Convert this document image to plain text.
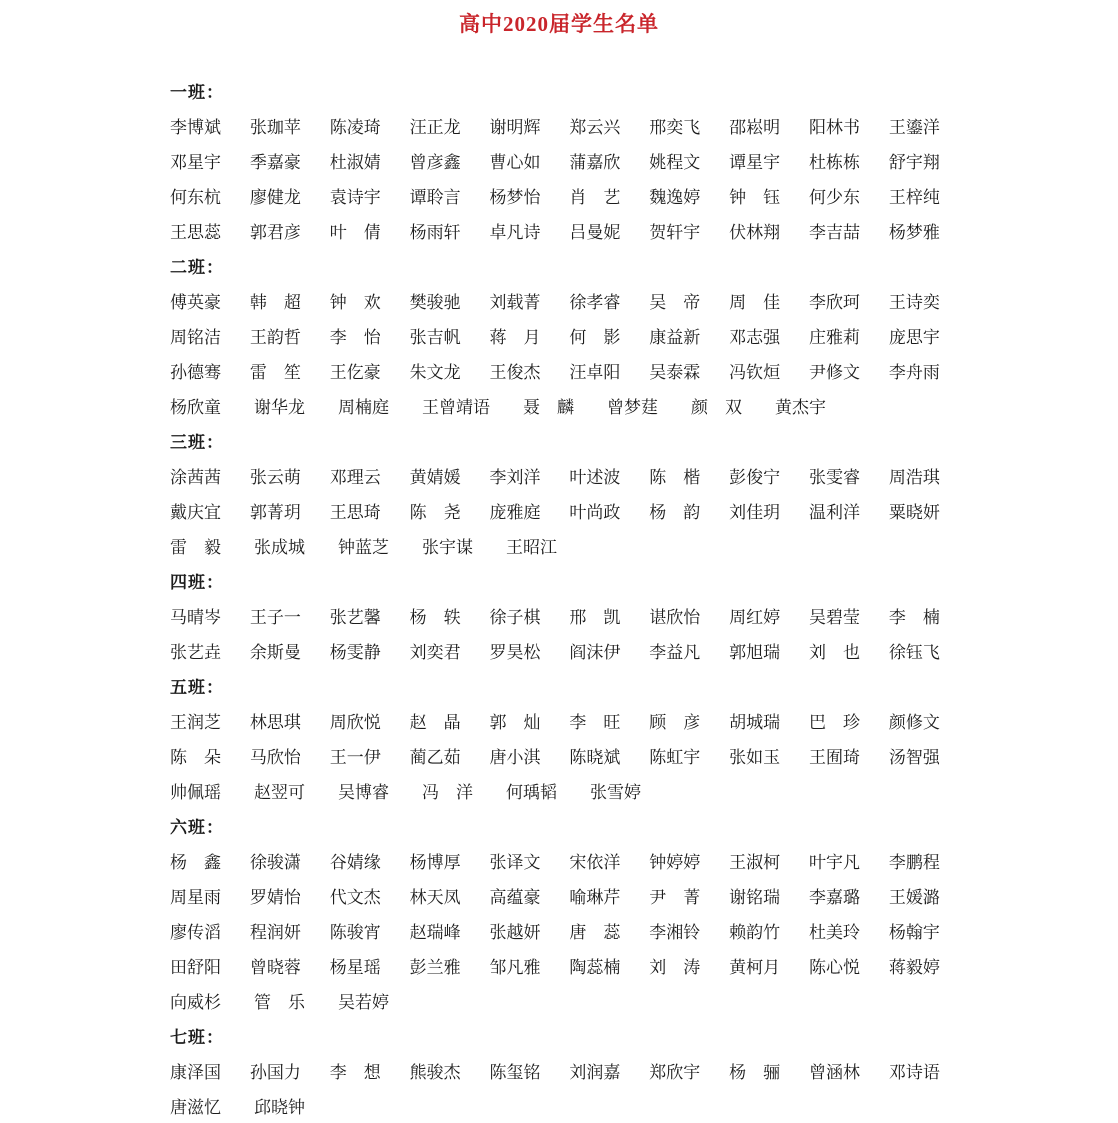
高中2020届学生名单
一班：
李博斌 张珈苹 陈凌琦 汪正龙 谢明辉 郑云兴 邢奕飞 邵崧明 阳林书 王鎏洋
邓星宇 季嘉豪 杜淑婧 曾彦鑫 曹心如 蒲嘉欣 姚程文 谭星宇 杜栋栋 舒宇翔
何东杭 廖健龙 袁诗宇 谭聆言 杨梦怡 肖　艺 魏逸婷 钟　钰 何少东 王梓纯
王思蕊 郭君彦 叶　倩 杨雨轩 卓凡诗 吕曼妮 贺轩宇 伏林翔 李吉喆 杨梦雅
二班：
傅英豪 韩　超 钟　欢 樊骏驰 刘载菁 徐孝睿 吴　帝 周　佳 李欣珂 王诗奕
周铭洁 王韵哲 李　怡 张吉帆 蒋　月 何　影 康益新 邓志强 庄雅莉 庞思宇
孙德骞 雷　笙 王仡豪 朱文龙 王俊杰 汪卓阳 吴泰霖 冯钦烜 尹修文 李舟雨
杨欣童 谢华龙 周楠庭 王曾靖语 聂　麟 曾梦莛 颜　双 黄杰宇
三班：
涂茜茜 张云萌 邓理云 黄婧媛 李刘洋 叶述波 陈　楷 彭俊宁 张雯睿 周浩琪
戴庆宜 郭菁玥 王思琦 陈　尧 庞雅庭 叶尚政 杨　韵 刘佳玥 温利洋 粟晓妍
雷　毅 张成城 钟蓝芝 张宇谋 王昭江
四班：
马晴岑 王子一 张艺馨 杨　轶 徐子棋 邢　凯 谌欣怡 周红婷 吴碧莹 李　楠
张艺垚 余斯曼 杨雯静 刘奕君 罗昊松 阎沫伊 李益凡 郭旭瑞 刘　也 徐钰飞
五班：
王润芝 林思琪 周欣悦 赵　晶 郭　灿 李　旺 顾　彦 胡城瑞 巴　珍 颜修文
陈　朵 马欣怡 王一伊 蔺乙茹 唐小淇 陈晓斌 陈虹宇 张如玉 王囿琦 汤智强
帅佩瑶 赵翌可 吴博睿 冯　洋 何瑀韬 张雪婷
六班：
杨　鑫 徐骏潇 谷婧缘 杨博厚 张译文 宋依洋 钟婷婷 王淑柯 叶宇凡 李鹏程
周星雨 罗婧怡 代文杰 林天凤 高蕴豪 喻琳芹 尹　菁 谢铭瑞 李嘉璐 王媛潞
廖传滔 程润妍 陈骏宵 赵瑞峰 张越妍 唐　蕊 李湘铃 赖韵竹 杜美玲 杨翰宇
田舒阳 曾晓蓉 杨星瑶 彭兰雅 邹凡雅 陶蕊楠 刘　涛 黄柯月 陈心悦 蒋毅婷
向威杉 管　乐 吴若婷
七班：
康泽国 孙国力 李　想 熊骏杰 陈玺铭 刘润嘉 郑欣宇 杨　骊 曾涵林 邓诗语
唐滋忆 邱晓钟
